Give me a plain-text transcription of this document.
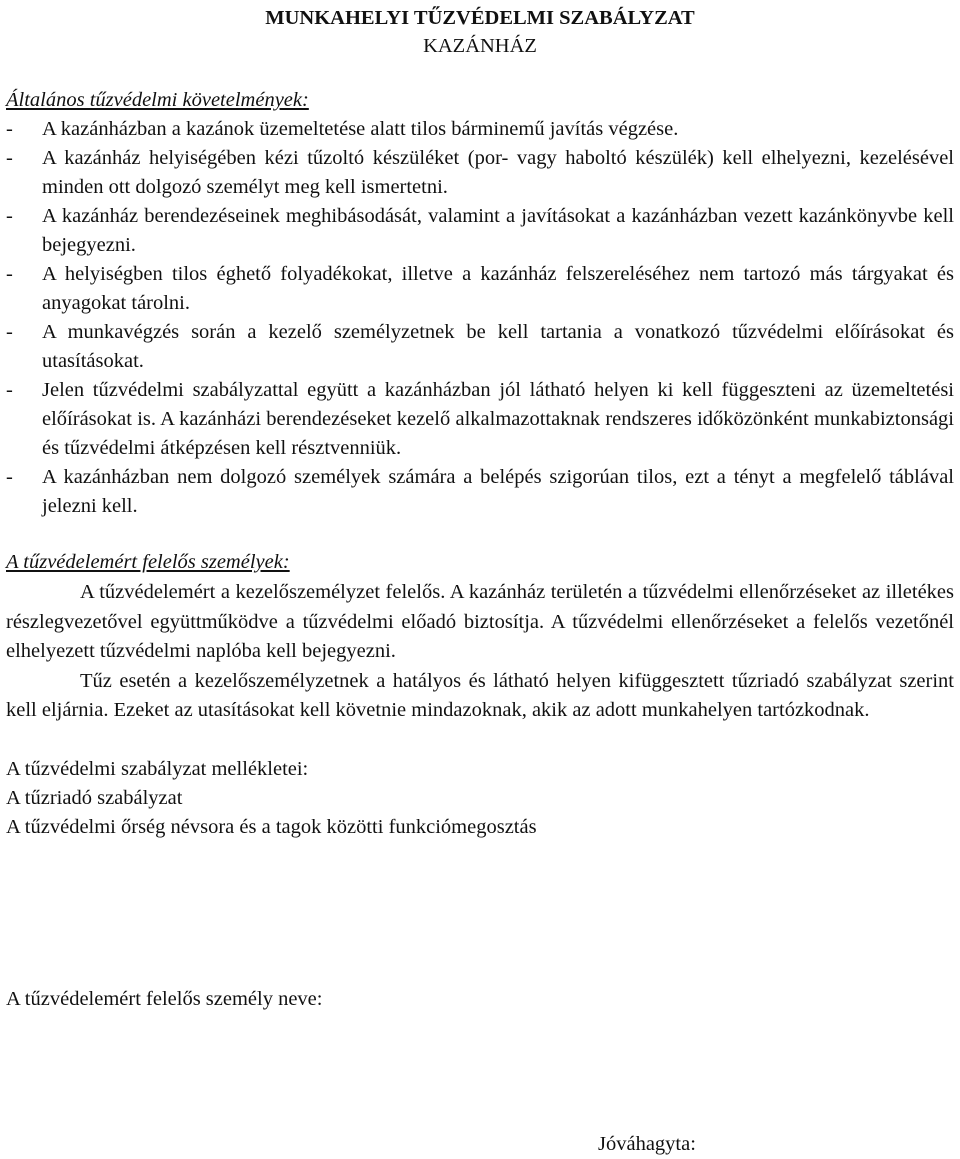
MUNKAHELYI TŰZVÉDELMI SZABÁLYZAT
KAZÁNHÁZ
Általános tűzvédelmi követelmények:
- A kazánházban a kazánok üzemeltetése alatt tilos bárminemű javítás végzése.
- A kazánház helyiségében kézi tűzoltó készüléket (por- vagy haboltó készülék) kell elhelyezni, kezelésével minden ott dolgozó személyt meg kell ismertetni.
- A kazánház berendezéseinek meghibásodását, valamint a javításokat a kazánházban vezett kazánkönyvbe kell bejegyezni.
- A helyiségben tilos éghető folyadékokat, illetve a kazánház felszereléséhez nem tartozó más tárgyakat és anyagokat tárolni.
- A munkavégzés során a kezelő személyzetnek be kell tartania a vonatkozó tűzvédelmi előírásokat és utasításokat.
- Jelen tűzvédelmi szabályzattal együtt a kazánházban jól látható helyen ki kell függeszteni az üzemeltetési előírásokat is. A kazánházi berendezéseket kezelő alkalmazottaknak rendszeres időközönként munkabiztonsági és tűzvédelmi átképzésen kell résztvenniük.
- A kazánházban nem dolgozó személyek számára a belépés szigorúan tilos, ezt a tényt a megfelelő táblával jelezni kell.
A tűzvédelemért felelős személyek:

A tűzvédelemért a kezelőszemélyzet felelős. A kazánház területén a tűzvédelmi ellenőrzéseket az illetékes részlegvezetővel együttműködve a tűzvédelmi előadó biztosítja. A tűzvédelmi ellenőrzéseket a felelős vezetőnél elhelyezett tűzvédelmi naplóba kell bejegyezni.

Tűz esetén a kezelőszemélyzetnek a hatályos és látható helyen kifüggesztett tűzriadó szabályzat szerint kell eljárnia. Ezeket az utasításokat kell követnie mindazoknak, akik az adott munkahelyen tartózkodnak.

A tűzvédelmi szabályzat mellékletei:
A tűzriadó szabályzat
A tűzvédelmi őrség névsora és a tagok közötti funkciómegosztás
A tűzvédelemért felelős személy neve:
Jóváhagyta:
